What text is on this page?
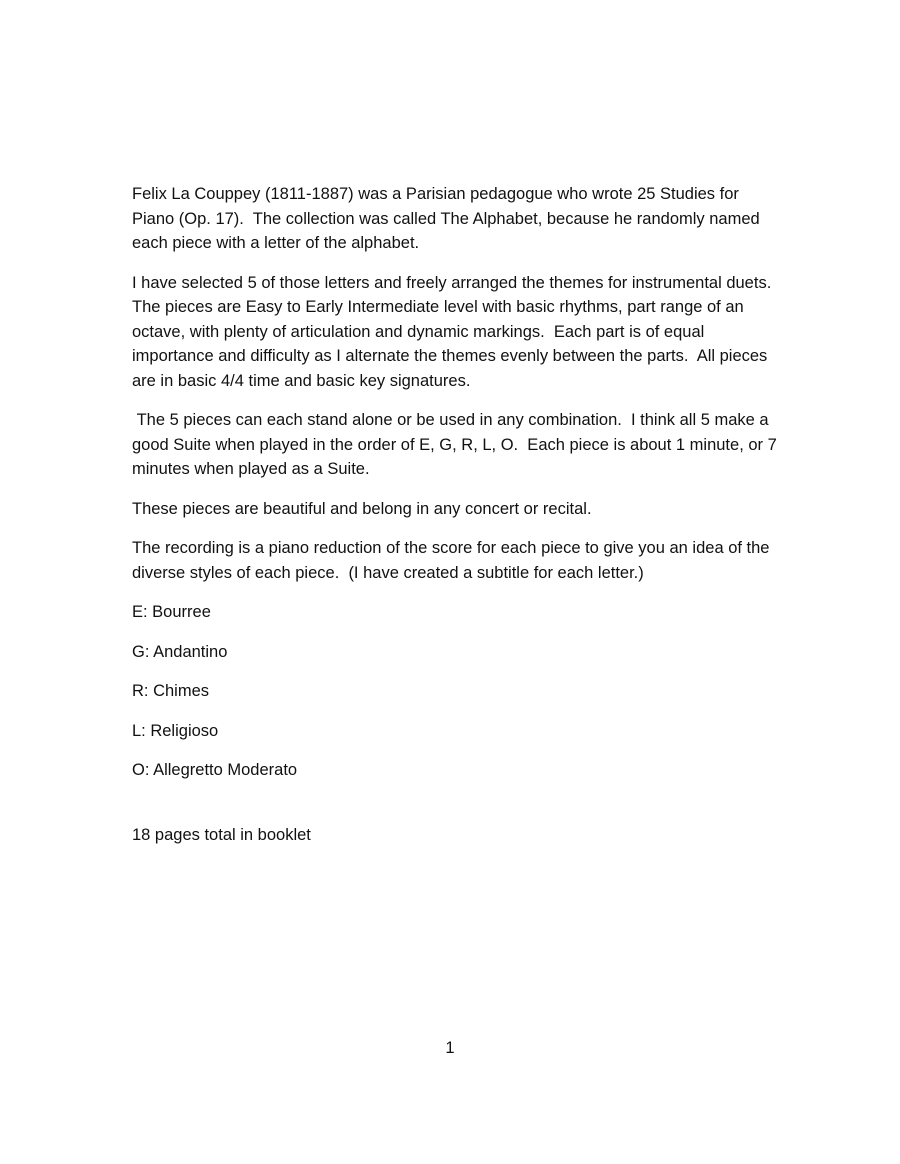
Felix La Couppey (1811-1887) was a Parisian pedagogue who wrote 25 Studies for Piano (Op. 17).  The collection was called The Alphabet, because he randomly named each piece with a letter of the alphabet.

I have selected 5 of those letters and freely arranged the themes for instrumental duets.  The pieces are Easy to Early Intermediate level with basic rhythms, part range of an octave, with plenty of articulation and dynamic markings.  Each part is of equal importance and difficulty as I alternate the themes evenly between the parts.  All pieces are in basic 4/4 time and basic key signatures.

The 5 pieces can each stand alone or be used in any combination.  I think all 5 make a good Suite when played in the order of E, G, R, L, O.  Each piece is about 1 minute, or 7 minutes when played as a Suite.

These pieces are beautiful and belong in any concert or recital.

The recording is a piano reduction of the score for each piece to give you an idea of the diverse styles of each piece.  (I have created a subtitle for each letter.)

E: Bourree

G: Andantino

R: Chimes

L: Religioso

O: Allegretto Moderato

18 pages total in booklet

1
